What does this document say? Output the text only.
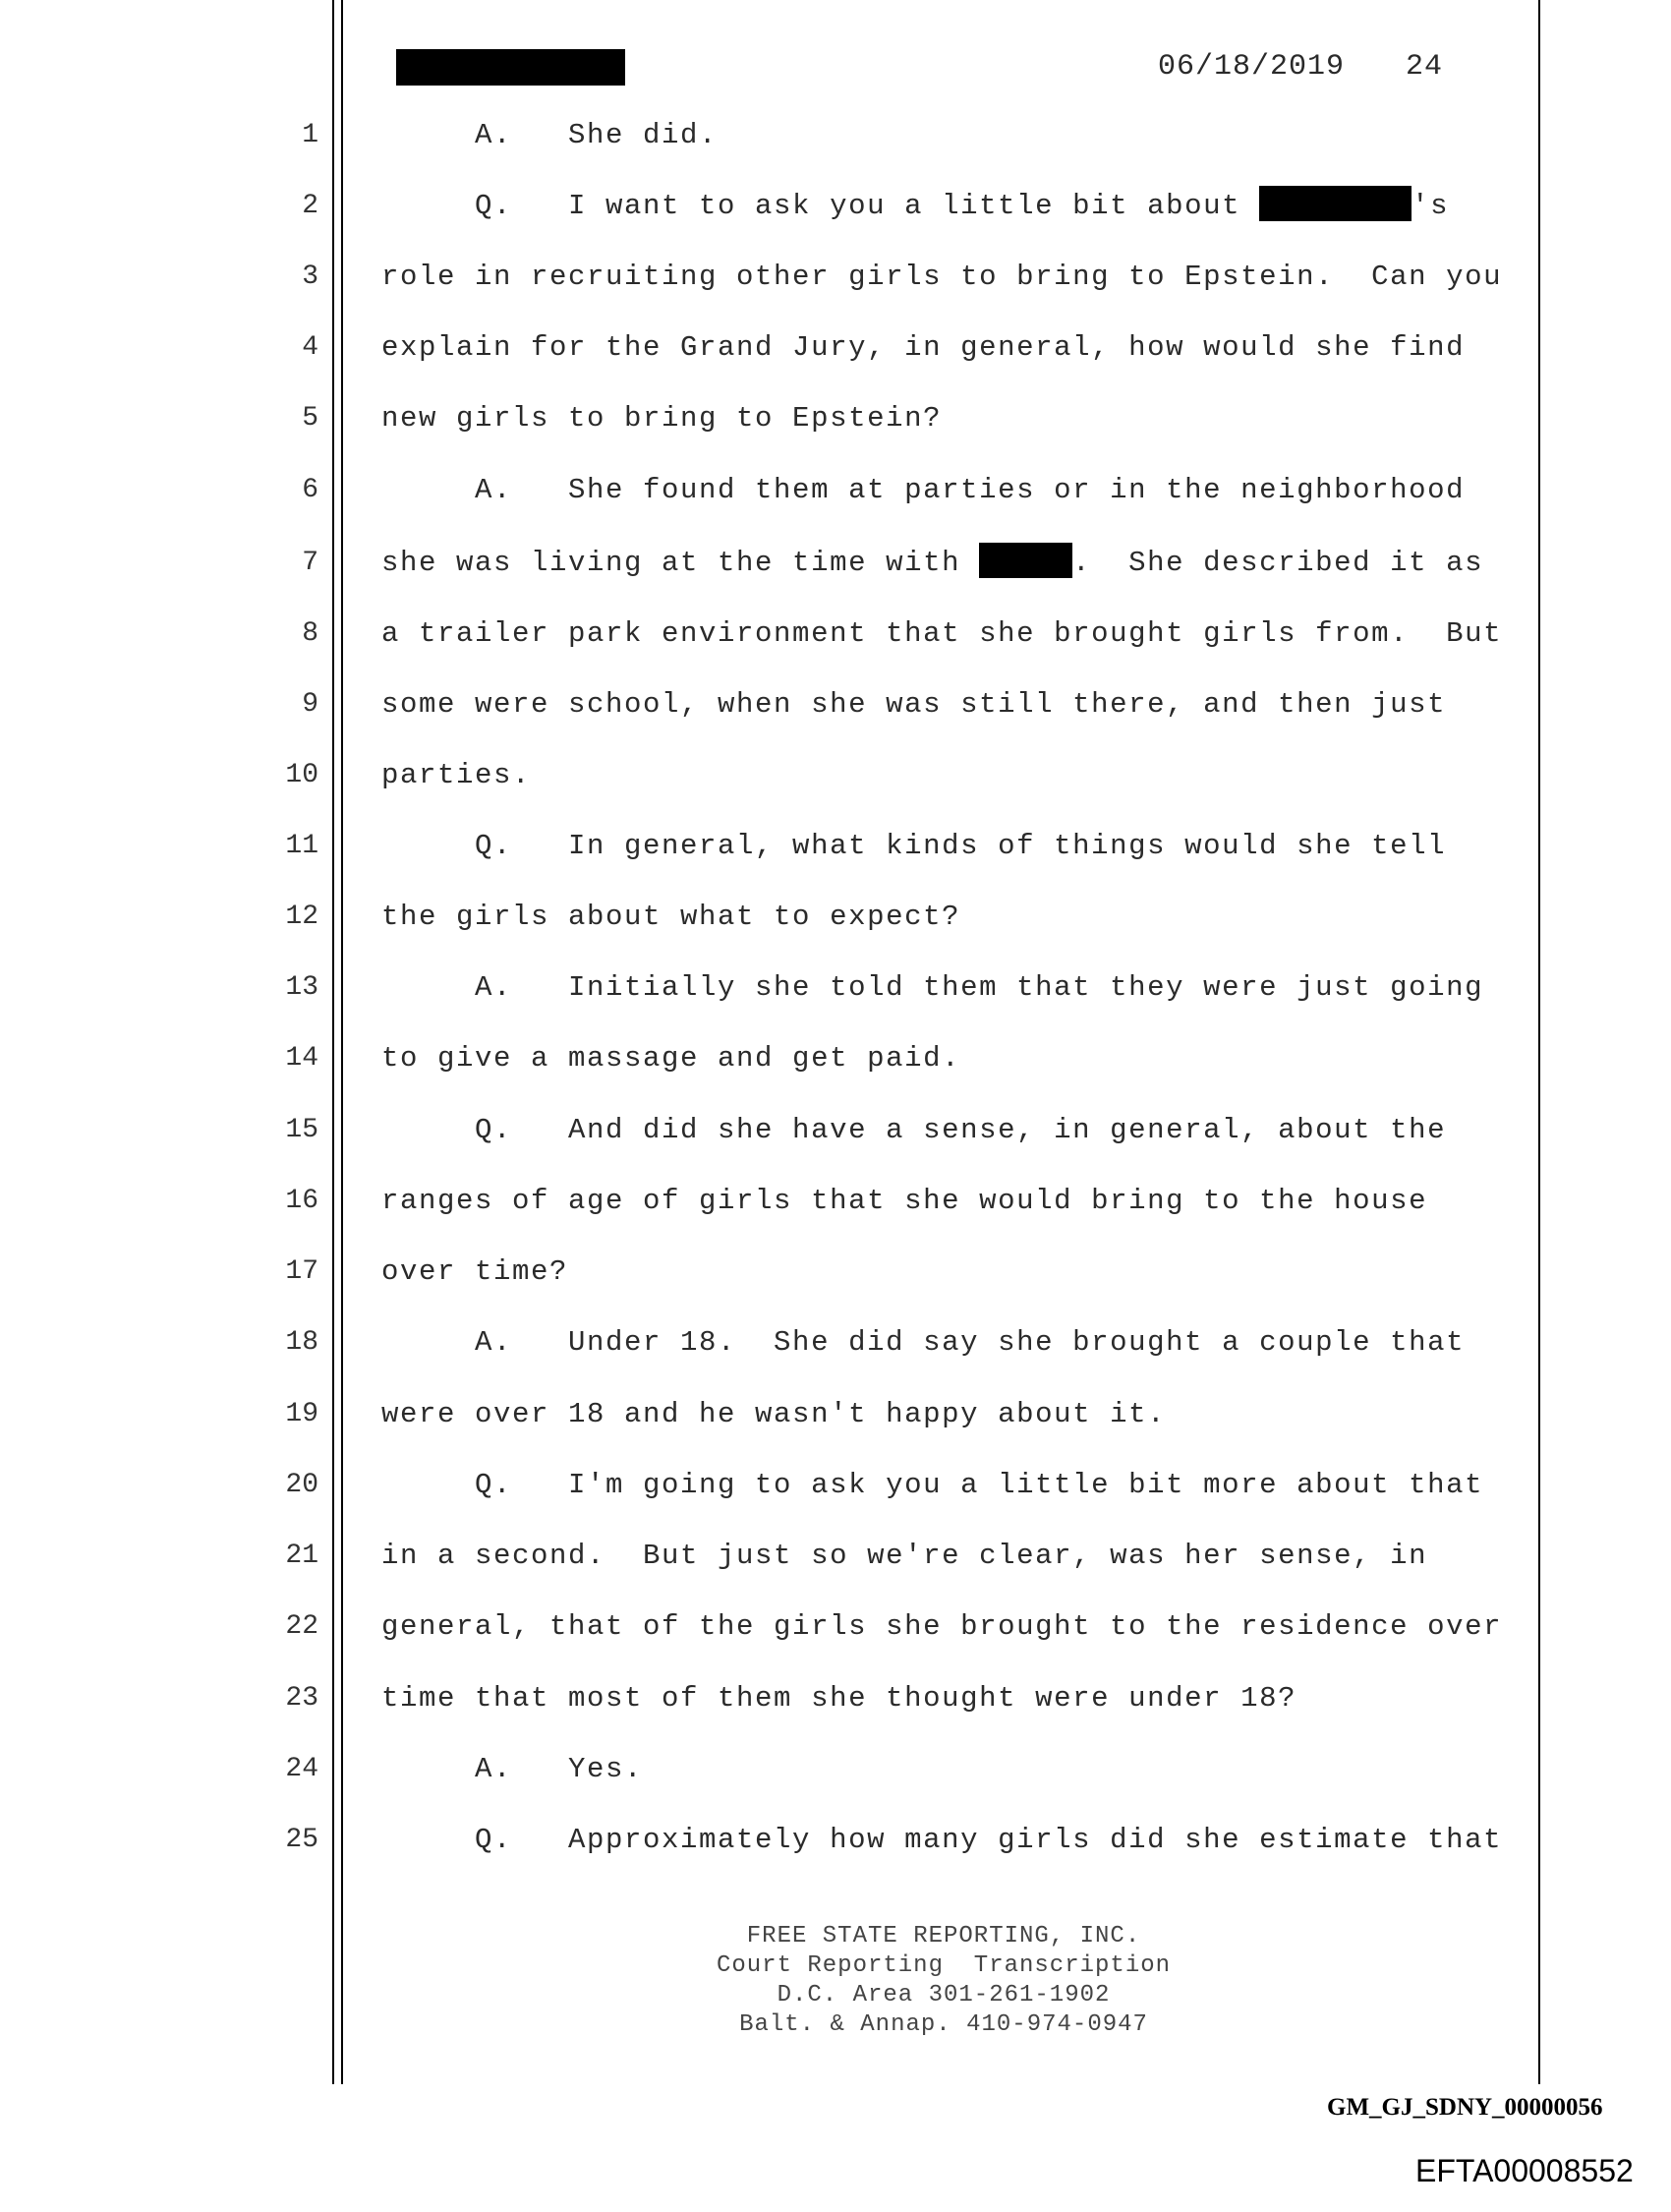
06/18/2019 24
1
2
3
4
5
6
7
8
9
10
11
12
13
14
15
16
17
18
19
20
21
22
23
24
25
A.   She did.
Q.   I want to ask you a little bit about	's
role in recruiting other girls to bring to Epstein.  Can you
explain for the Grand Jury, in general, how would she find
new girls to bring to Epstein?
A.   She found them at parties or in the neighborhood
she was living at the time with	.  She described it as
a trailer park environment that she brought girls from.  But
some were school, when she was still there, and then just
parties.
Q.   In general, what kinds of things would she tell
the girls about what to expect?
A.   Initially she told them that they were just going
to give a massage and get paid.
Q.   And did she have a sense, in general, about the
ranges of age of girls that she would bring to the house
over time?
A.   Under 18.  She did say she brought a couple that
were over 18 and he wasn't happy about it.
Q.   I'm going to ask you a little bit more about that
in a second.  But just so we're clear, was her sense, in
general, that of the girls she brought to the residence over
time that most of them she thought were under 18?
A.   Yes.
Q.   Approximately how many girls did she estimate that
FREE STATE REPORTING, INC.
Court Reporting  Transcription
D.C. Area 301-261-1902
Balt. & Annap. 410-974-0947
GM_GJ_SDNY_00000056
EFTA00008552
